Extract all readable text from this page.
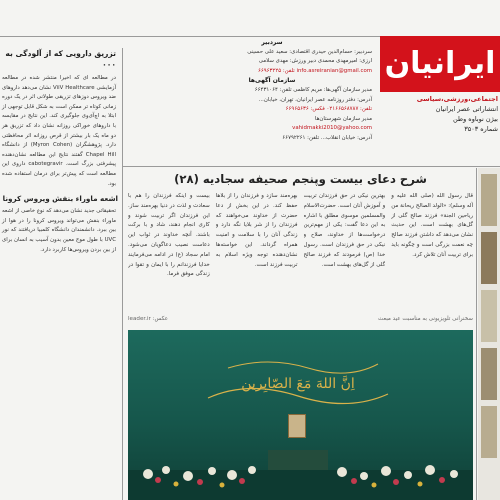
ایرانیان
اجتماعی،ورزشی،سیاسی
انتشاراتی عصر ایرانیان
بیژن نوباوه وطن
شماره ۳۵۰۳
سردبیر
سردبیر: حسام‌الدین حیدری اقتصادی: سعید علی حسینی
ارزی: امیرمهدی محمدی دبیر ورزش: مهدی سلامی
info.asreiranian@gmail.com تلفن: ۶۶۹۶۳۲۲۵
سازمان آگهی‌ها
مدیر سازمان آگهی‌ها: مریم کاظمی تلفن: ۶۶۴۳۱۰۶۴
آدرس: دفتر روزنامه عصر ایرانیان، تهران، خیابان...
تلفن: ۰۲۱۶۶۵۶۸۷۸۷ فکس: ۶۶۹۶۵۶۳۶
مدیر سازمان شهرستان‌ها
vahidmakki2010@yahoo.com
آدرس: خیابان انقلاب... تلفن: ۶۶۷۹۲۲۶۱
تزریق دارویی که از آلودگی به ۰۰۰
در مطالعه ای که اخیرا منتشر شده در مطالعه آزمایشی ViiV Healthcare نشان می‌دهد داروهای ضد ویروس دوزهای تزریقی طولانی اثر در یک دوره زمانی کوتاه تر ممکن است به شکل قابل توجهی از ابتلا به اچ‌آی‌وی جلوگیری کند. این نتایج در مقایسه با داروهای خوراکی روزانه نشان داد که تزریق هر دو ماه یک بار بیشتر از قرص روزانه اثر محافظتی دارد. پژوهشگران (Myron Cohen) از دانشگاه Chapel Hill گفتند نتایج این مطالعه نشان‌دهنده پیشرفتی بزرگ است. cabotegravir داروی این مطالعه است که پیش‌تر برای درمان استفاده شده بود.
اشعه ماوراء بنفش ویروس کرونا
تحقیقاتی جدید نشان می‌دهد که نوع خاصی از اشعه ماوراء بنفش می‌تواند ویروس کرونا را در هوا از بین ببرد. دانشمندان دانشگاه کلمبیا دریافتند که نور UVC با طول موج معین بدون آسیب به انسان برای از بین بردن ویروس‌ها کاربرد دارد.
شرح دعای بیست وپنجم صحیفه سجادیه (۲۸)
قال رسول الله (صلی الله علیه و آله وسلم): «الولد الصالح ریحانة من ریاحین الجنة» فرزند صالح گلی از گل‌های بهشت است. این حدیث نشان می‌دهد که داشتن فرزند صالح چه نعمت بزرگی است و چگونه باید برای تربیت آنان تلاش کرد.
بهترین نیکی در حق فرزندان تربیت و آموزش آنان است. حضرت‌الاسلام والمسلمین موسوی مطلق با اشاره به این دعا گفت: یکی از مهم‌ترین درخواست‌ها از خداوند، صلاح و نیکی در حق فرزندان است. رسول خدا (ص) فرمودند که فرزند صالح گلی از گل‌های بهشت است.
بهره‌مند سازد و فرزندان را از بلاها حفظ کند. در این بخش از دعا حضرت از خداوند می‌خواهند که فرزندان را از شر بلایا نگه دارد و زندگی آنان را با سلامت و امنیت همراه گرداند. این خواسته‌ها نشان‌دهنده توجه ویژه اسلام به تربیت فرزند است.
بیست و اینکه فرزندان را هم با سعادت و لذت در دنیا بهره‌مند ساز. این فرزندان اگر تربیت شوند و کاری انجام دهند، شاد و با برکت باشند. آنچه خداوند در ثواب این دعاست نصیب دعاگویان می‌شود. امام سجاد (ع) در ادامه می‌فرمایند خدایا فرزندانم را با ایمان و تقوا در زندگی موفق فرما.
leader.ir :عکس	سخنرانی تلویزیونی به مناسبت عید مبعث
اِنَّ اللهَ مَعَ الصّابِرین
